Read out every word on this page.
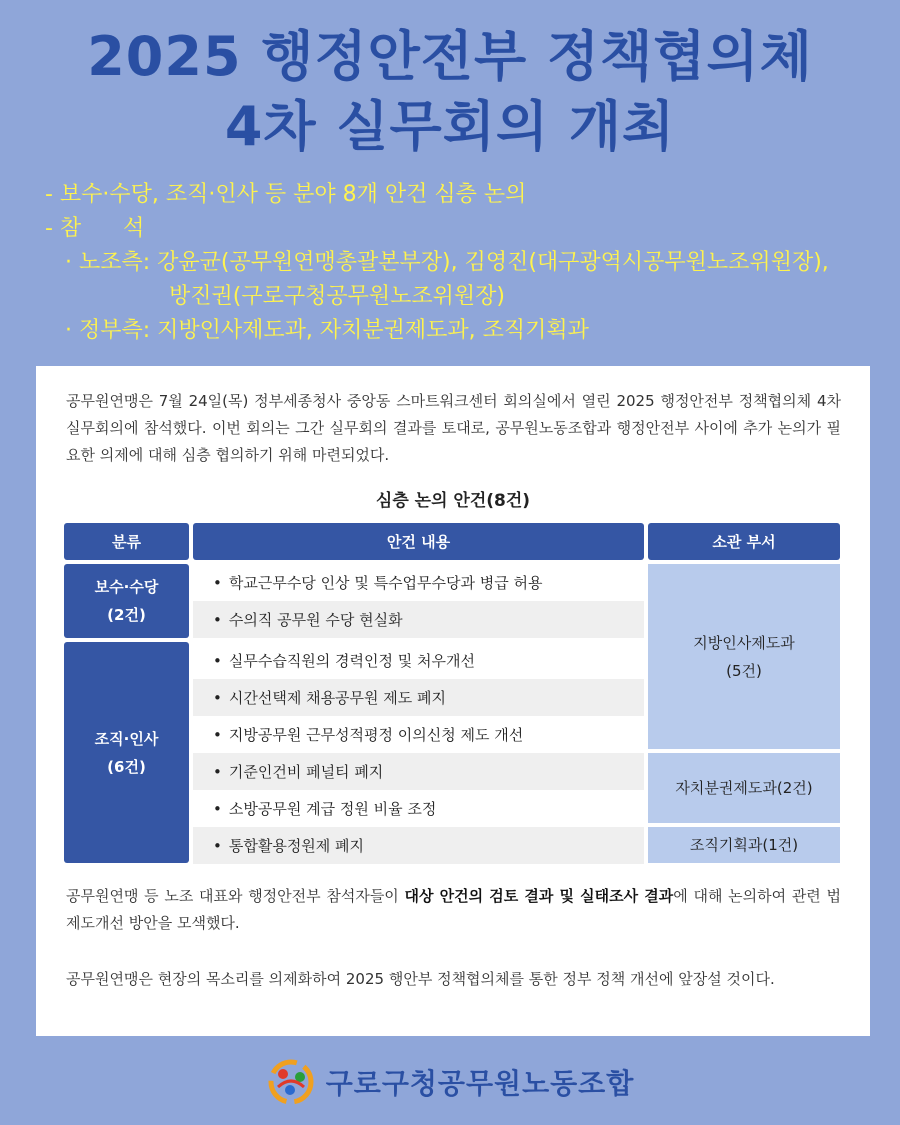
2025 행정안전부 정책협의체
4차 실무회의 개최
- 보수·수당, 조직·인사 등 분야 8개 안건 심층 논의
- 참      석
· 노조측: 강윤균(공무원연맹총괄본부장), 김영진(대구광역시공무원노조위원장),
방진권(구로구청공무원노조위원장)
· 정부측: 지방인사제도과, 자치분권제도과, 조직기획과

공무원연맹은 7월 24일(목) 정부세종청사 중앙동 스마트워크센터 회의실에서 열린 2025 행정안전부 정책협의체 4차 실무회의에 참석했다. 이번 회의는 그간 실무회의 결과를 토대로, 공무원노동조합과 행정안전부 사이에 추가 논의가 필요한 의제에 대해 심층 협의하기 위해 마련되었다.

심층 논의 안건(8건)
분류	안건 내용	소관 부서
보수·수당
(2건)
조직·인사
(6건)
• 학교근무수당 인상 및 특수업무수당과 병급 허용
• 수의직 공무원 수당 현실화
• 실무수습직원의 경력인정 및 처우개선
• 시간선택제 채용공무원 제도 폐지
• 지방공무원 근무성적평정 이의신청 제도 개선
• 기준인건비 페널티 폐지
• 소방공무원 계급 정원 비율 조정
• 통합활용정원제 폐지
지방인사제도과
(5건)
자치분권제도과(2건)
조직기획과(1건)

공무원연맹 등 노조 대표와 행정안전부 참석자들이 대상 안건의 검토 결과 및 실태조사 결과에 대해 논의하여 관련 법 제도개선 방안을 모색했다.

공무원연맹은 현장의 목소리를 의제화하여 2025 행안부 정책협의체를 통한 정부 정책 개선에 앞장설 것이다.

구로구청공무원노동조합
